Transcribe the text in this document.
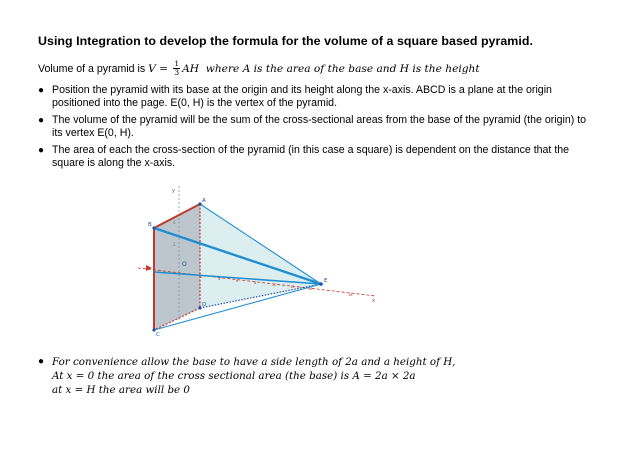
Using Integration to develop the formula for the volume of a square based pyramid.
Volume of a pyramid is $V = \frac{1}{3}$ AH  where A is the area of the base and H is the height
● Position the pyramid with its base at the origin and its height along the x-axis. ABCD is a plane at the origin positioned into the page. E(0, H) is the vertex of the pyramid.
● The volume of the pyramid will be the sum of the cross-sectional areas from the base of the pyramid (the origin) to its vertex E(0, H).
● The area of each the cross-section of the pyramid (in this case a square) is dependent on the distance that the square is along the x-axis.
y
4
2
x
O
2	4	6	8	10	12	14
16
A
B
C
D
E
● For convenience allow the base to have a side length of 2a and a height of H,
At x = 0 the area of the cross sectional area (the base) is A = 2a × 2a
at x = H the area will be 0
